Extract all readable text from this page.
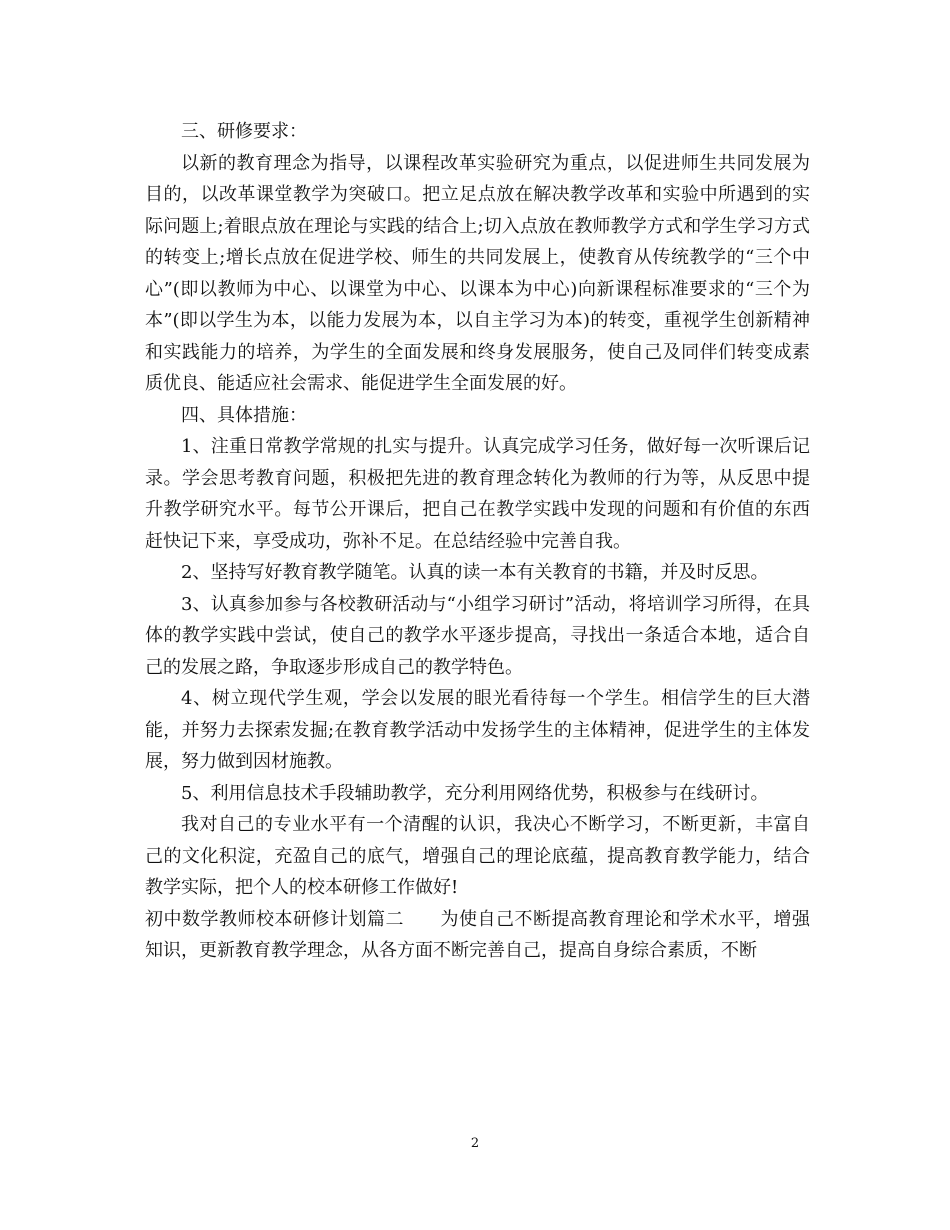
三、研修要求：

以新的教育理念为指导，以课程改革实验研究为重点，以促进师生共同发展为目的，以改革课堂教学为突破口。把立足点放在解决教学改革和实验中所遇到的实际问题上;着眼点放在理论与实践的结合上;切入点放在教师教学方式和学生学习方式的转变上;增长点放在促进学校、师生的共同发展上，使教育从传统教学的“三个中心”(即以教师为中心、以课堂为中心、以课本为中心)向新课程标准要求的“三个为本”(即以学生为本，以能力发展为本，以自主学习为本)的转变，重视学生创新精神和实践能力的培养，为学生的全面发展和终身发展服务，使自己及同伴们转变成素质优良、能适应社会需求、能促进学生全面发展的好。

四、具体措施：

1、注重日常教学常规的扎实与提升。认真完成学习任务，做好每一次听课后记录。学会思考教育问题，积极把先进的教育理念转化为教师的行为等，从反思中提升教学研究水平。每节公开课后，把自己在教学实践中发现的问题和有价值的东西赶快记下来，享受成功，弥补不足。在总结经验中完善自我。

2、坚持写好教育教学随笔。认真的读一本有关教育的书籍，并及时反思。

3、认真参加参与各校教研活动与“小组学习研讨”活动，将培训学习所得，在具体的教学实践中尝试，使自己的教学水平逐步提高，寻找出一条适合本地，适合自己的发展之路，争取逐步形成自己的教学特色。

4、树立现代学生观，学会以发展的眼光看待每一个学生。相信学生的巨大潜能，并努力去探索发掘;在教育教学活动中发扬学生的主体精神，促进学生的主体发展，努力做到因材施教。

5、利用信息技术手段辅助教学，充分利用网络优势，积极参与在线研讨。

我对自己的专业水平有一个清醒的认识，我决心不断学习，不断更新，丰富自己的文化积淀，充盈自己的底气，增强自己的理论底蕴，提高教育教学能力，结合教学实际，把个人的校本研修工作做好!

初中数学教师校本研修计划篇二 为使自己不断提高教育理论和学术水平，增强知识，更新教育教学理念，从各方面不断完善自己，提高自身综合素质，不断

2
